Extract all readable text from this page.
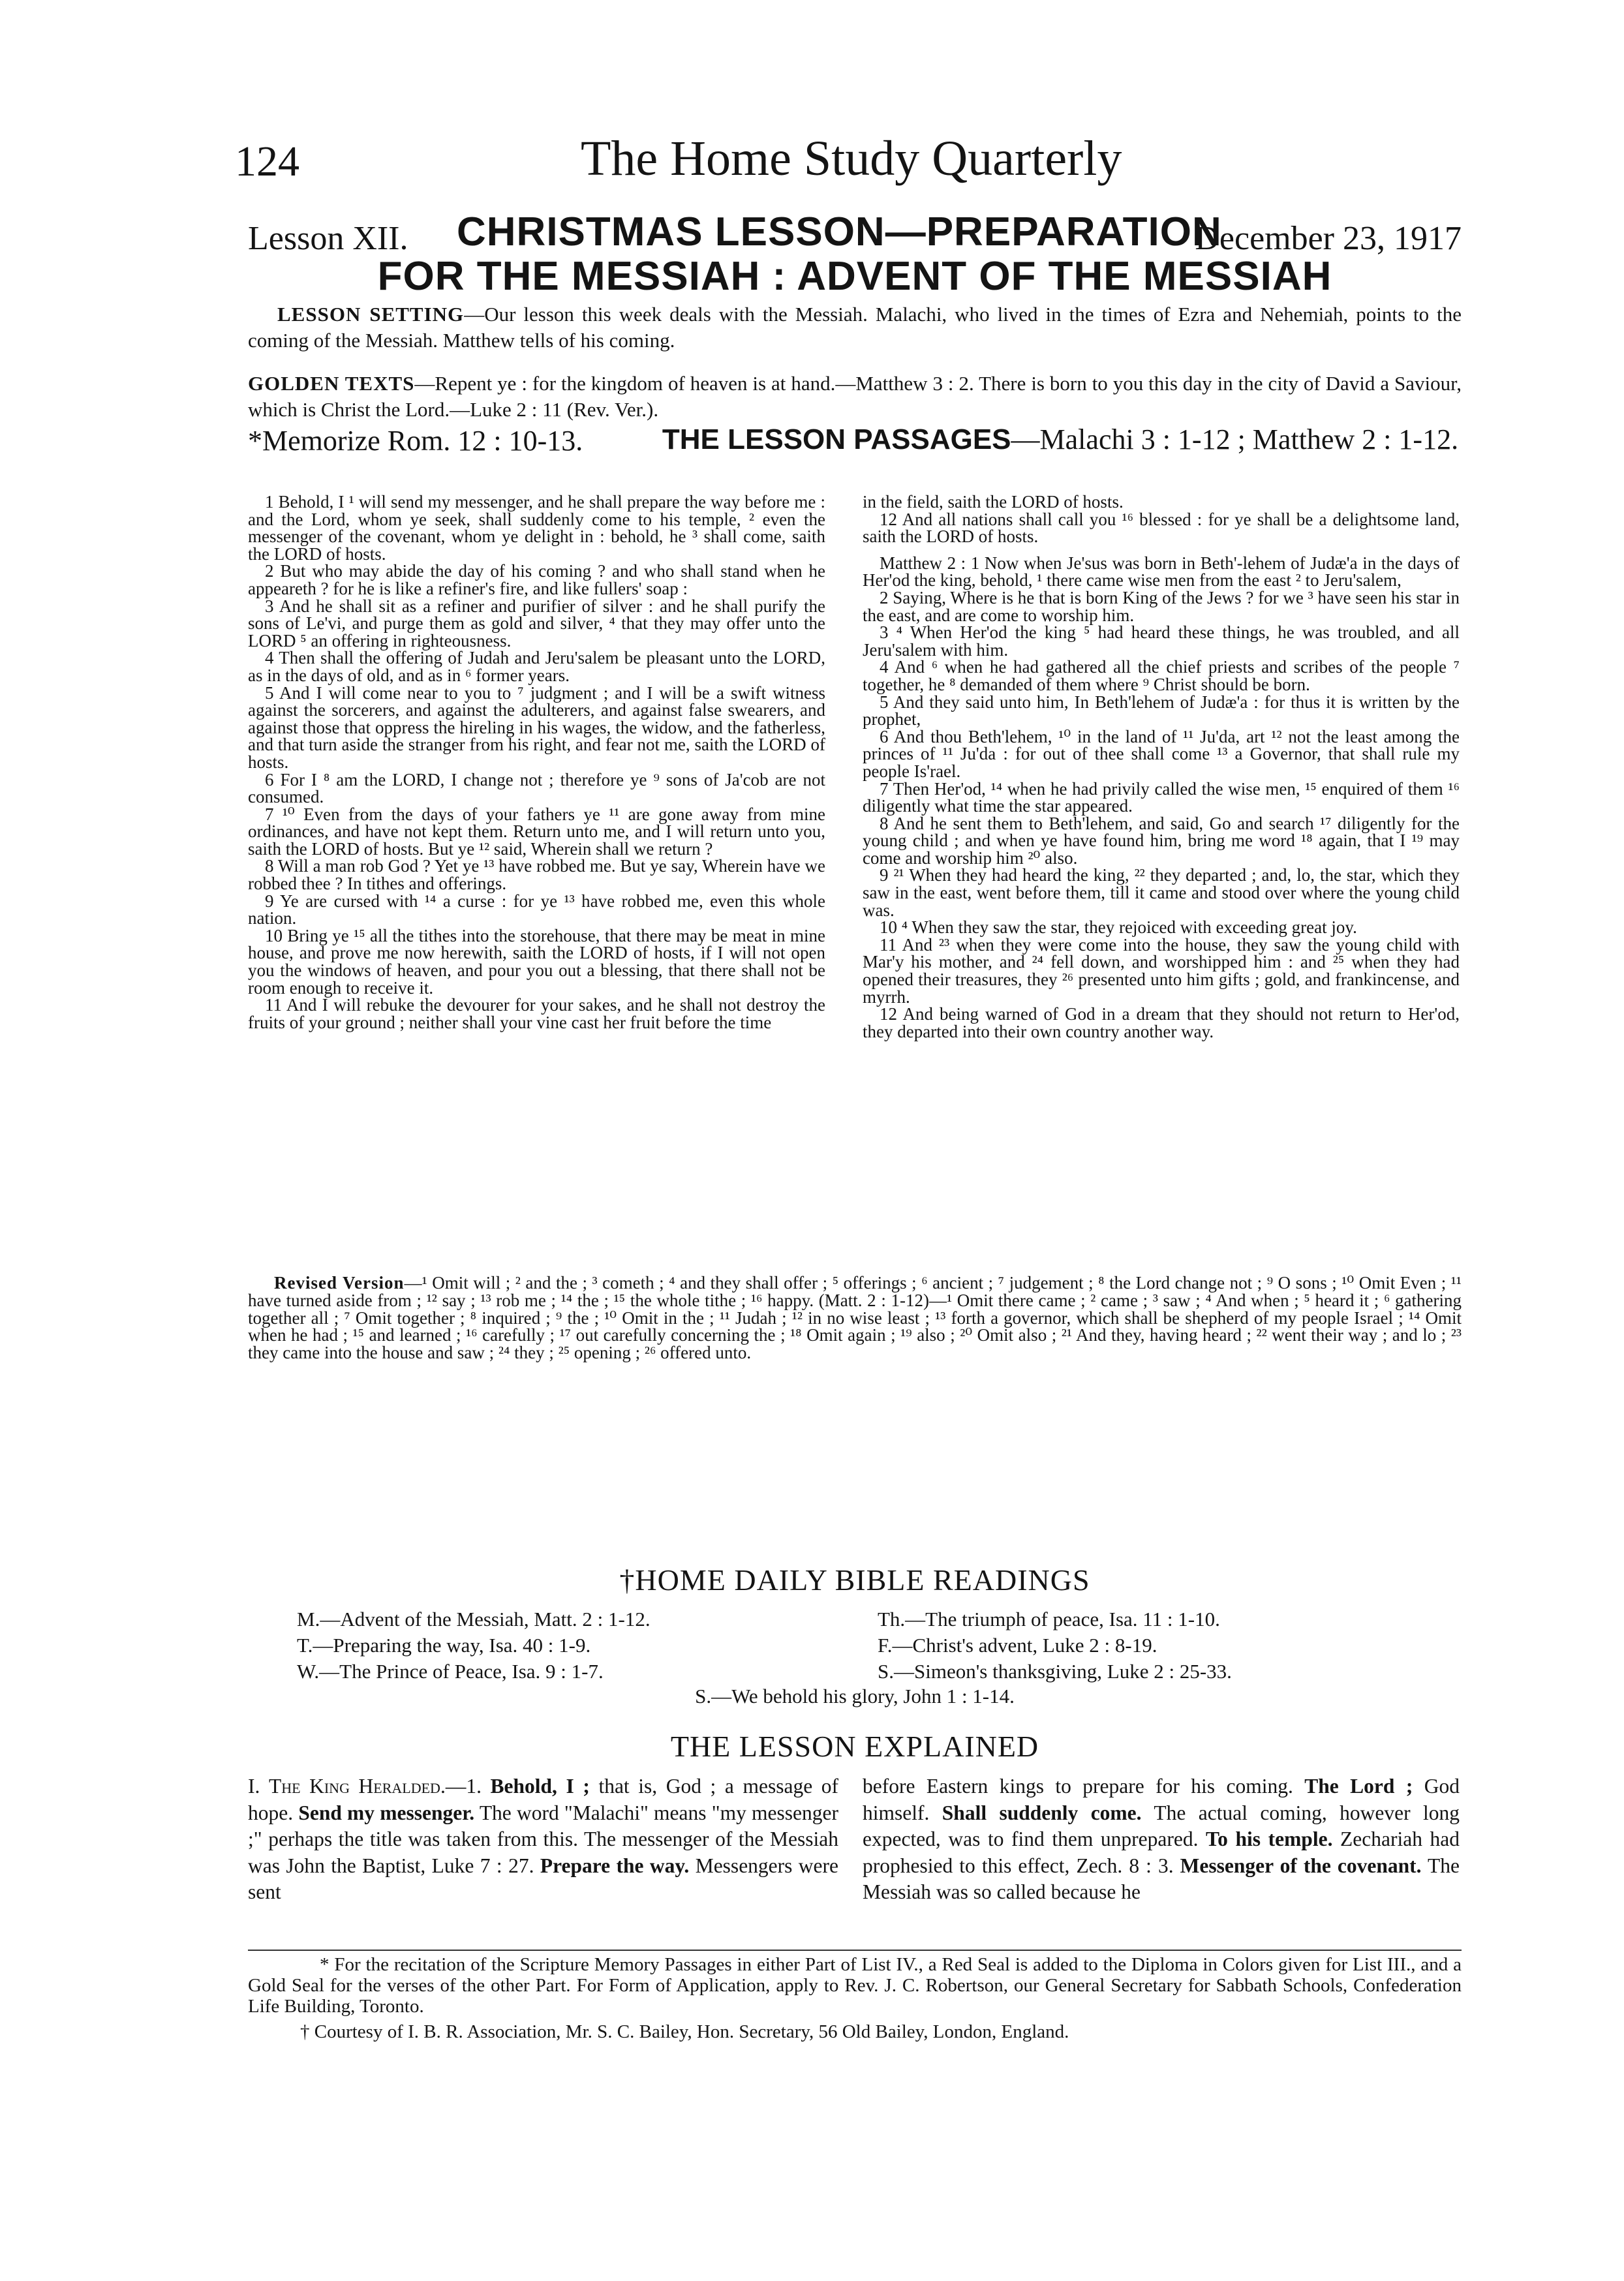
124	The Home Study Quarterly
Lesson XII. CHRISTMAS LESSON—PREPARATION
December 23, 1917
FOR THE MESSIAH : ADVENT OF THE MESSIAH
LESSON SETTING—Our lesson this week deals with the Messiah. Malachi, who lived in the times of Ezra and Nehemiah, points to the coming of the Messiah. Matthew tells of his coming.
GOLDEN TEXTS—Repent ye : for the kingdom of heaven is at hand.—Matthew 3 : 2. There is born to you this day in the city of David a Saviour, which is Christ the Lord.—Luke 2 : 11 (Rev. Ver.).
*Memorize Rom. 12 : 10-13.	THE LESSON PASSAGES—Malachi 3 : 1-12 ; Matthew 2 : 1-12.

1 Behold, I ¹ will send my messenger, and he shall prepare the way before me : and the Lord, whom ye seek, shall suddenly come to his temple, ² even the messenger of the covenant, whom ye delight in : behold, he ³ shall come, saith the LORD of hosts.

2 But who may abide the day of his coming ? and who shall stand when he appeareth ? for he is like a refiner's fire, and like fullers' soap :

3 And he shall sit as a refiner and purifier of silver : and he shall purify the sons of Le'vi, and purge them as gold and silver, ⁴ that they may offer unto the LORD ⁵ an offering in righteousness.

4 Then shall the offering of Judah and Jeru'salem be pleasant unto the LORD, as in the days of old, and as in ⁶ former years.

5 And I will come near to you to ⁷ judgment ; and I will be a swift witness against the sorcerers, and against the adulterers, and against false swearers, and against those that oppress the hireling in his wages, the widow, and the fatherless, and that turn aside the stranger from his right, and fear not me, saith the LORD of hosts.

6 For I ⁸ am the LORD, I change not ; therefore ye ⁹ sons of Ja'cob are not consumed.

7 ¹⁰ Even from the days of your fathers ye ¹¹ are gone away from mine ordinances, and have not kept them. Return unto me, and I will return unto you, saith the LORD of hosts. But ye ¹² said, Wherein shall we return ?

8 Will a man rob God ? Yet ye ¹³ have robbed me. But ye say, Wherein have we robbed thee ? In tithes and offerings.

9 Ye are cursed with ¹⁴ a curse : for ye ¹³ have robbed me, even this whole nation.

10 Bring ye ¹⁵ all the tithes into the storehouse, that there may be meat in mine house, and prove me now herewith, saith the LORD of hosts, if I will not open you the windows of heaven, and pour you out a blessing, that there shall not be room enough to receive it.

11 And I will rebuke the devourer for your sakes, and he shall not destroy the fruits of your ground ; neither shall your vine cast her fruit before the time

in the field, saith the LORD of hosts.

12 And all nations shall call you ¹⁶ blessed : for ye shall be a delightsome land, saith the LORD of hosts.

Matthew 2 : 1 Now when Je'sus was born in Beth'-lehem of Judæ'a in the days of Her'od the king, behold, ¹ there came wise men from the east ² to Jeru'salem,

2 Saying, Where is he that is born King of the Jews ? for we ³ have seen his star in the east, and are come to worship him.

3 ⁴ When Her'od the king ⁵ had heard these things, he was troubled, and all Jeru'salem with him.

4 And ⁶ when he had gathered all the chief priests and scribes of the people ⁷ together, he ⁸ demanded of them where ⁹ Christ should be born.

5 And they said unto him, In Beth'lehem of Judæ'a : for thus it is written by the prophet,

6 And thou Beth'lehem, ¹⁰ in the land of ¹¹ Ju'da, art ¹² not the least among the princes of ¹¹ Ju'da : for out of thee shall come ¹³ a Governor, that shall rule my people Is'rael.

7 Then Her'od, ¹⁴ when he had privily called the wise men, ¹⁵ enquired of them ¹⁶ diligently what time the star appeared.

8 And he sent them to Beth'lehem, and said, Go and search ¹⁷ diligently for the young child ; and when ye have found him, bring me word ¹⁸ again, that I ¹⁹ may come and worship him ²⁰ also.

9 ²¹ When they had heard the king, ²² they departed ; and, lo, the star, which they saw in the east, went before them, till it came and stood over where the young child was.

10 ⁴ When they saw the star, they rejoiced with exceeding great joy.

11 And ²³ when they were come into the house, they saw the young child with Mar'y his mother, and ²⁴ fell down, and worshipped him : and ²⁵ when they had opened their treasures, they ²⁶ presented unto him gifts ; gold, and frankincense, and myrrh.

12 And being warned of God in a dream that they should not return to Her'od, they departed into their own country another way.

Revised Version—¹ Omit will ; ² and the ; ³ cometh ; ⁴ and they shall offer ; ⁵ offerings ; ⁶ ancient ; ⁷ judgement ; ⁸ the Lord change not ; ⁹ O sons ; ¹⁰ Omit Even ; ¹¹ have turned aside from ; ¹² say ; ¹³ rob me ; ¹⁴ the ; ¹⁵ the whole tithe ; ¹⁶ happy. (Matt. 2 : 1-12)—¹ Omit there came ; ² came ; ³ saw ; ⁴ And when ; ⁵ heard it ; ⁶ gathering together all ; ⁷ Omit together ; ⁸ inquired ; ⁹ the ; ¹⁰ Omit in the ; ¹¹ Judah ; ¹² in no wise least ; ¹³ forth a governor, which shall be shepherd of my people Israel ; ¹⁴ Omit when he had ; ¹⁵ and learned ; ¹⁶ carefully ; ¹⁷ out carefully concerning the ; ¹⁸ Omit again ; ¹⁹ also ; ²⁰ Omit also ; ²¹ And they, having heard ; ²² went their way ; and lo ; ²³ they came into the house and saw ; ²⁴ they ; ²⁵ opening ; ²⁶ offered unto.
†HOME DAILY BIBLE READINGS
M.—Advent of the Messiah, Matt. 2 : 1-12.
T.—Preparing the way, Isa. 40 : 1-9.
W.—The Prince of Peace, Isa. 9 : 1-7.
Th.—The triumph of peace, Isa. 11 : 1-10.
F.—Christ's advent, Luke 2 : 8-19.
S.—Simeon's thanksgiving, Luke 2 : 25-33.
S.—We behold his glory, John 1 : 1-14.
THE LESSON EXPLAINED
I. The King Heralded.—1. Behold, I ; that is, God ; a message of hope. Send my messenger. The word "Malachi" means "my messenger ;" perhaps the title was taken from this. The messenger of the Messiah was John the Baptist, Luke 7 : 27. Prepare the way. Messengers were sent
before Eastern kings to prepare for his coming. The Lord ; God himself. Shall suddenly come. The actual coming, however long expected, was to find them unprepared. To his temple. Zechariah had prophesied to this effect, Zech. 8 : 3. Messenger of the covenant. The Messiah was so called because he
* For the recitation of the Scripture Memory Passages in either Part of List IV., a Red Seal is added to the Diploma in Colors given for List III., and a Gold Seal for the verses of the other Part. For Form of Application, apply to Rev. J. C. Robertson, our General Secretary for Sabbath Schools, Confederation Life Building, Toronto.
† Courtesy of I. B. R. Association, Mr. S. C. Bailey, Hon. Secretary, 56 Old Bailey, London, England.
